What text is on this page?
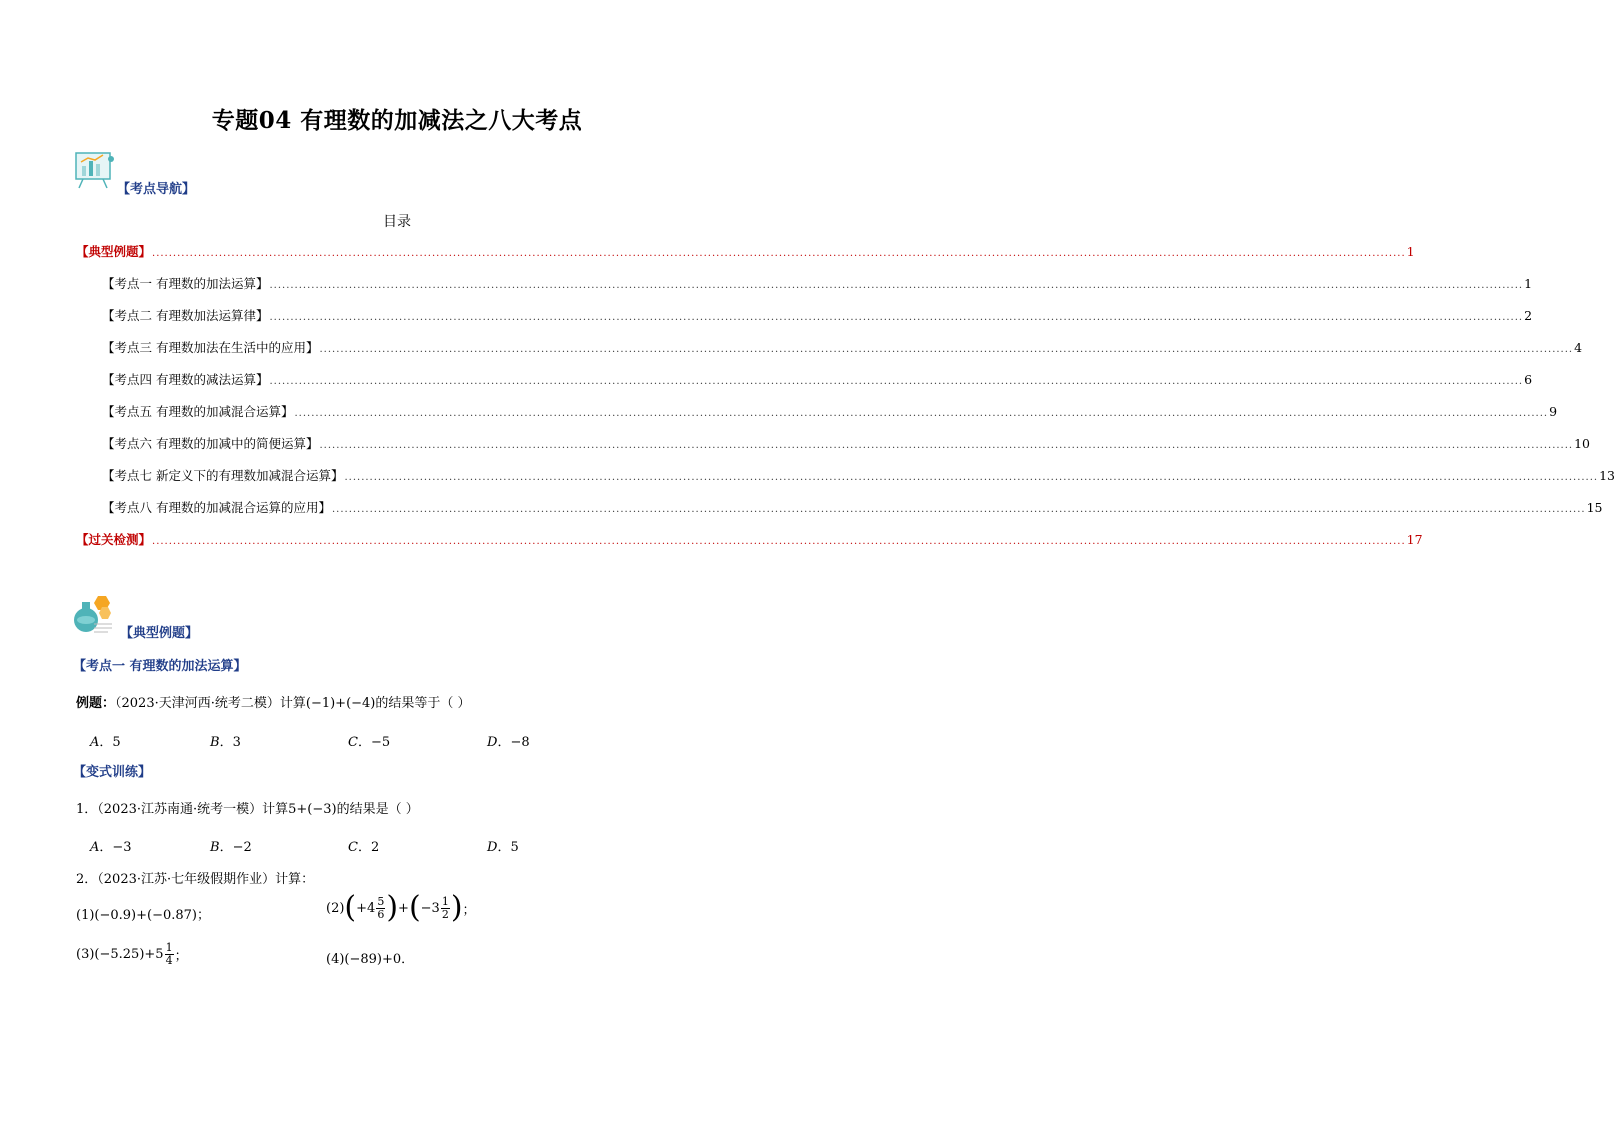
专题04 有理数的加减法之八大考点
【考点导航】
目录
【典型例题】 ............................................................................................................................................................................................................................................................................................................ 1
【考点一 有理数的加法运算】 ............................................................................................................................................................................................................................................................................................................ 1
【考点二 有理数加法运算律】 ............................................................................................................................................................................................................................................................................................................ 2
【考点三 有理数加法在生活中的应用】 ............................................................................................................................................................................................................................................................................................................ 4
【考点四 有理数的减法运算】 ............................................................................................................................................................................................................................................................................................................ 6
【考点五 有理数的加减混合运算】 ............................................................................................................................................................................................................................................................................................................ 9
【考点六 有理数的加减中的简便运算】 ............................................................................................................................................................................................................................................................................................................ 10
【考点七 新定义下的有理数加减混合运算】 ............................................................................................................................................................................................................................................................................................................ 13
【考点八 有理数的加减混合运算的应用】 ............................................................................................................................................................................................................................................................................................................ 15
【过关检测】 ............................................................................................................................................................................................................................................................................................................ 17
【典型例题】
【考点一 有理数的加法运算】
例题：（2023·天津河西·统考二模）计算(−1)+(−4)的结果等于（ ）
A．5	B．3	C．−5	D．−8
【变式训练】
1．（2023·江苏南通·统考一模）计算5+(−3)的结果是（ ）
A．−3	B．−2	C．2	D．5
2．（2023·江苏·七年级假期作业）计算：
(1)(−0.9)+(−0.87)；	(2) ( $+4 \frac{5}{6}$ ) + ( $-3 \frac{1}{2}$ ) ；
(3) $(-5.25)+5 \frac{1}{4}$ ；	(4)(−89)+0．
